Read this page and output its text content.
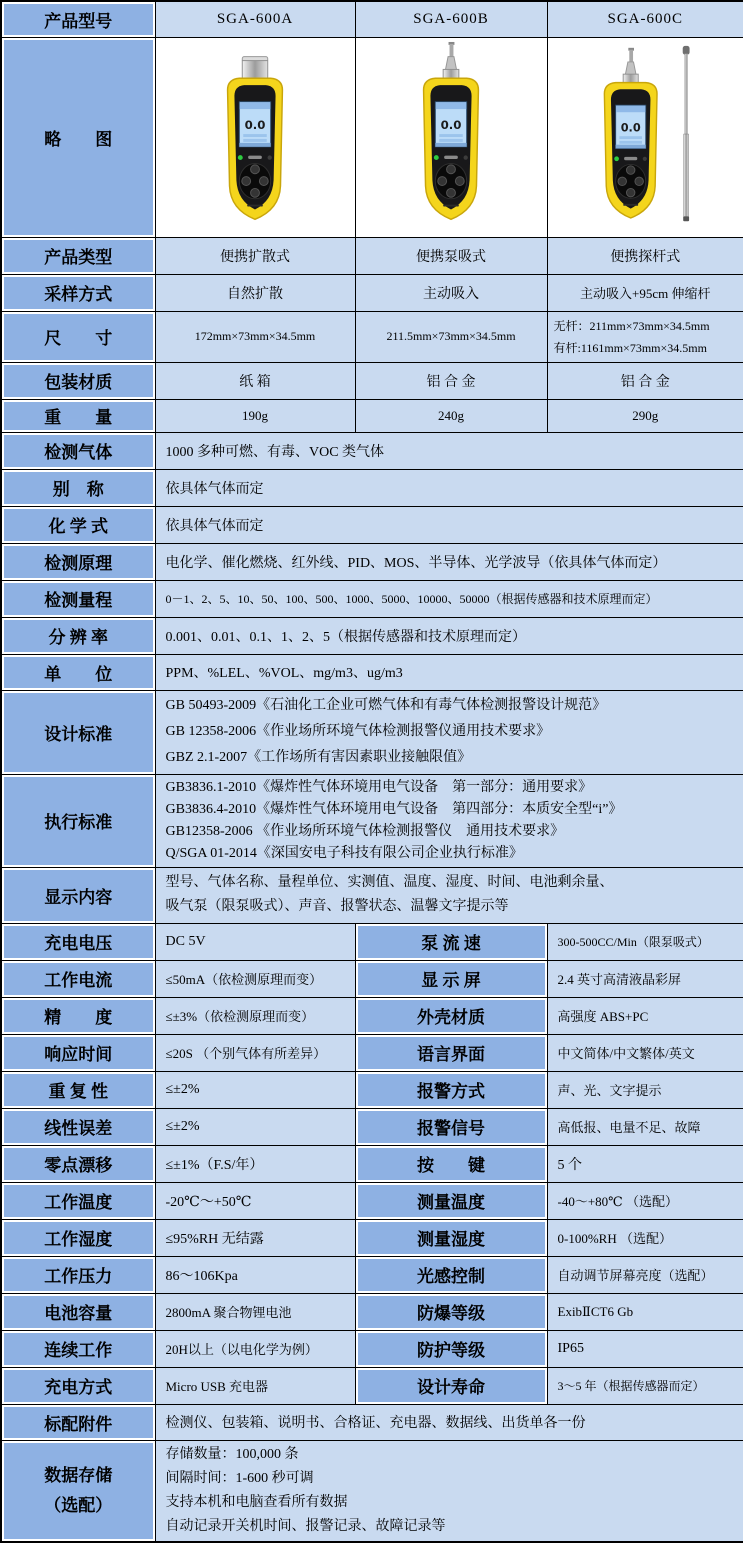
产品型号	SGA-600A	SGA-600B	SGA-600C
略　　图	0.0	0.0	0.0

产品类型	便携扩散式	便携泵吸式	便携探杆式
采样方式	自然扩散	主动吸入	主动吸入+95cm 伸缩杆
尺　　寸	172mm×73mm×34.5mm	211.5mm×73mm×34.5mm	无杆：211mm×73mm×34.5mm
有杆:1161mm×73mm×34.5mm

包装材质	纸 箱	铝 合 金	铝 合 金
重　　量	190g	240g	290g
检测气体	1000 多种可燃、有毒、VOC 类气体		
别　称	依具体气体而定		
化 学 式	依具体气体而定		
检测原理	电化学、催化燃烧、红外线、PID、MOS、半导体、光学波导（依具体气体而定）		
检测量程	0－1、2、5、10、50、100、500、1000、5000、10000、50000（根据传感器和技术原理而定）		
分 辨 率	0.001、0.01、0.1、1、2、5（根据传感器和技术原理而定）		
单　　位	PPM、%LEL、%VOL、mg/m3、ug/m3		
设计标准	GB 50493-2009《石油化工企业可燃气体和有毒气体检测报警设计规范》
GB 12358-2006《作业场所环境气体检测报警仪通用技术要求》
GBZ 2.1-2007《工作场所有害因素职业接触限值》		

执行标准	GB3836.1-2010《爆炸性气体环境用电气设备　第一部分：通用要求》
GB3836.4-2010《爆炸性气体环境用电气设备　第四部分：本质安全型“i”》
GB12358-2006 《作业场所环境气体检测报警仪　通用技术要求》
Q/SGA 01-2014《深国安电子科技有限公司企业执行标准》		

显示内容	型号、气体名称、量程单位、实测值、温度、湿度、时间、电池剩余量、
吸气泵（限泵吸式）、声音、报警状态、温馨文字提示等		

充电电压	DC 5V	泵 流 速	300-500CC/Min（限泵吸式）
工作电流	≤50mA（依检测原理而变）	显 示 屏	2.4 英寸高清液晶彩屏
精　　度	≤±3%（依检测原理而变）	外壳材质	高强度 ABS+PC
响应时间	≤20S （个别气体有所差异）	语言界面	中文简体/中文繁体/英文
重 复 性	≤±2%	报警方式	声、光、文字提示
线性误差	≤±2%	报警信号	高低报、电量不足、故障
零点漂移	≤±1%（F.S/年）	按　　键	5 个
工作温度	-20℃～+50℃	测量温度	-40～+80℃ （选配）
工作湿度	≤95%RH 无结露	测量湿度	0-100%RH （选配）
工作压力	86～106Kpa	光感控制	自动调节屏幕亮度（选配）
电池容量	2800mA 聚合物锂电池	防爆等级	ExibⅡCT6 Gb
连续工作	20H以上（以电化学为例）	防护等级	IP65
充电方式	Micro USB 充电器	设计寿命	3～5 年（根据传感器而定）
标配附件	检测仪、包装箱、说明书、合格证、充电器、数据线、出货单各一份		

数据存储
（选配）

存储数量：100,000 条
间隔时间：1-600 秒可调
支持本机和电脑查看所有数据
自动记录开关机时间、报警记录、故障记录等
